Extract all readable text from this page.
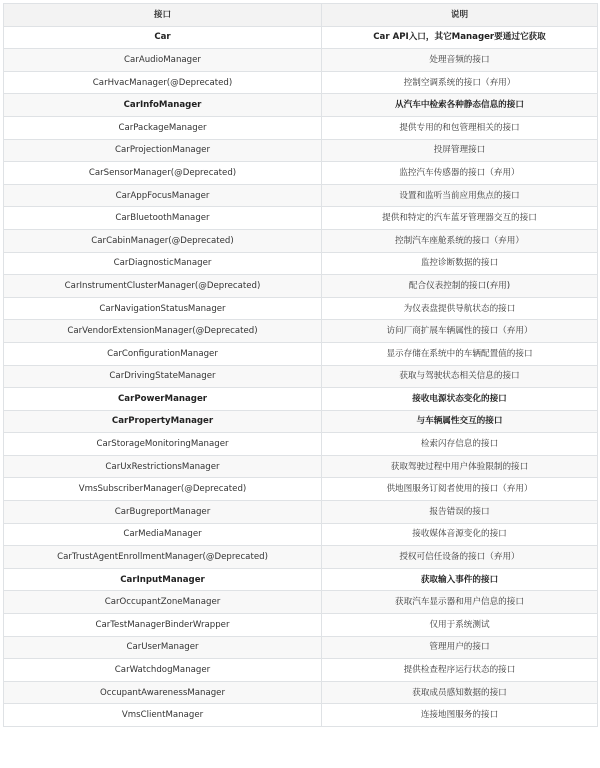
接口	说明
Car	Car API入口，其它Manager要通过它获取
CarAudioManager	处理音频的接口
CarHvacManager(@Deprecated)	控制空调系统的接口（弃用）
CarInfoManager	从汽车中检索各种静态信息的接口
CarPackageManager	提供专用的和包管理相关的接口
CarProjectionManager	投屏管理接口
CarSensorManager(@Deprecated)	监控汽车传感器的接口（弃用）
CarAppFocusManager	设置和监听当前应用焦点的接口
CarBluetoothManager	提供和特定的汽车蓝牙管理器交互的接口
CarCabinManager(@Deprecated)	控制汽车座舱系统的接口（弃用）
CarDiagnosticManager	监控诊断数据的接口
CarInstrumentClusterManager(@Deprecated)	配合仪表控制的接口(弃用)
CarNavigationStatusManager	为仪表盘提供导航状态的接口
CarVendorExtensionManager(@Deprecated)	访问厂商扩展车辆属性的接口（弃用）
CarConfigurationManager	显示存储在系统中的车辆配置值的接口
CarDrivingStateManager	获取与驾驶状态相关信息的接口
CarPowerManager	接收电源状态变化的接口
CarPropertyManager	与车辆属性交互的接口
CarStorageMonitoringManager	检索闪存信息的接口
CarUxRestrictionsManager	获取驾驶过程中用户体验限制的接口
VmsSubscriberManager(@Deprecated)	供地图服务订阅者使用的接口（弃用）
CarBugreportManager	报告错误的接口
CarMediaManager	接收媒体音源变化的接口
CarTrustAgentEnrollmentManager(@Deprecated)	授权可信任设备的接口（弃用）
CarInputManager	获取输入事件的接口
CarOccupantZoneManager	获取汽车显示器和用户信息的接口
CarTestManagerBinderWrapper	仅用于系统测试
CarUserManager	管理用户的接口
CarWatchdogManager	提供检查程序运行状态的接口
OccupantAwarenessManager	获取成员感知数据的接口
VmsClientManager	连接地图服务的接口
